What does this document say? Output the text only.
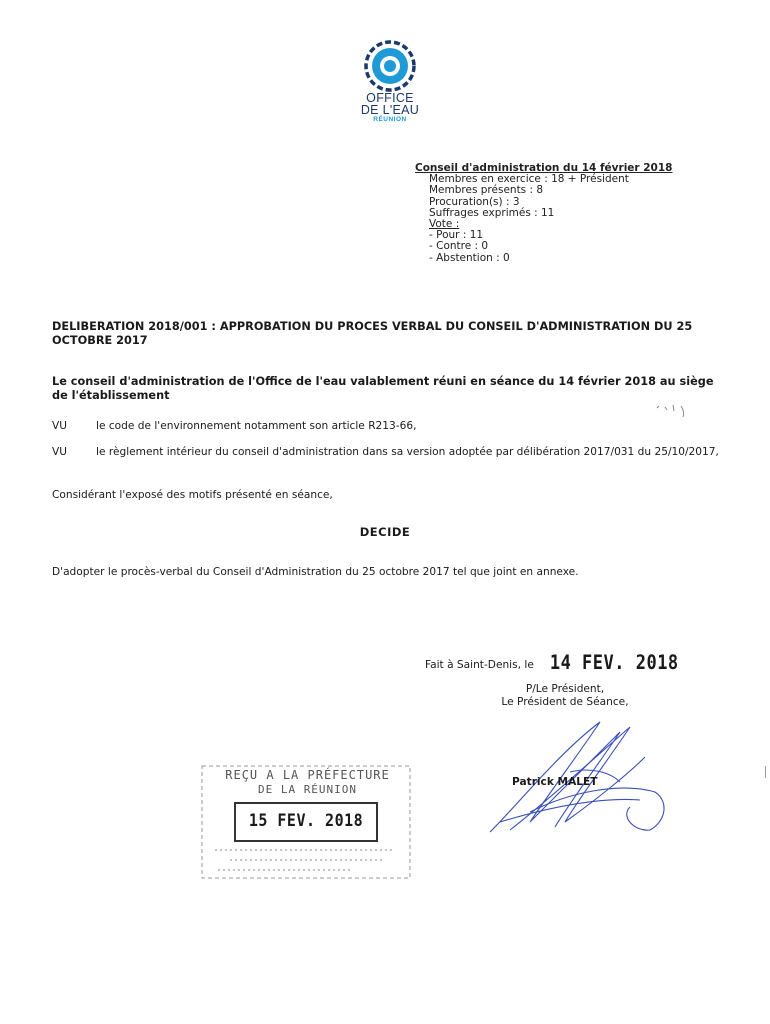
OFFICE
DE L'EAU
RÉUNION
Conseil d'administration du 14 février 2018
Membres en exercice : 18 + Président
Membres présents : 8
Procuration(s) : 3
Suffrages exprimés : 11
Vote :
- Pour : 11
- Contre : 0
- Abstention : 0
DELIBERATION 2018/001 : APPROBATION DU PROCES VERBAL DU CONSEIL D'ADMINISTRATION DU 25 OCTOBRE 2017
Le conseil d'administration de l'Office de l'eau valablement réuni en séance du 14 février 2018 au siège de l'établissement
VU	le code de l'environnement notamment son article R213-66,
VU	le règlement intérieur du conseil d'administration dans sa version adoptée par délibération 2017/031 du 25/10/2017,
Considérant l'exposé des motifs présenté en séance,
DECIDE
D'adopter le procès-verbal du Conseil d'Administration du 25 octobre 2017 tel que joint en annexe.
Fait à Saint-Denis, le 14 FEV. 2018
P/Le Président,
Le Président de Séance,
Patrick MALET
REÇU A LA PRÉFECTURE
DE LA RÉUNION
15 FEV. 2018
